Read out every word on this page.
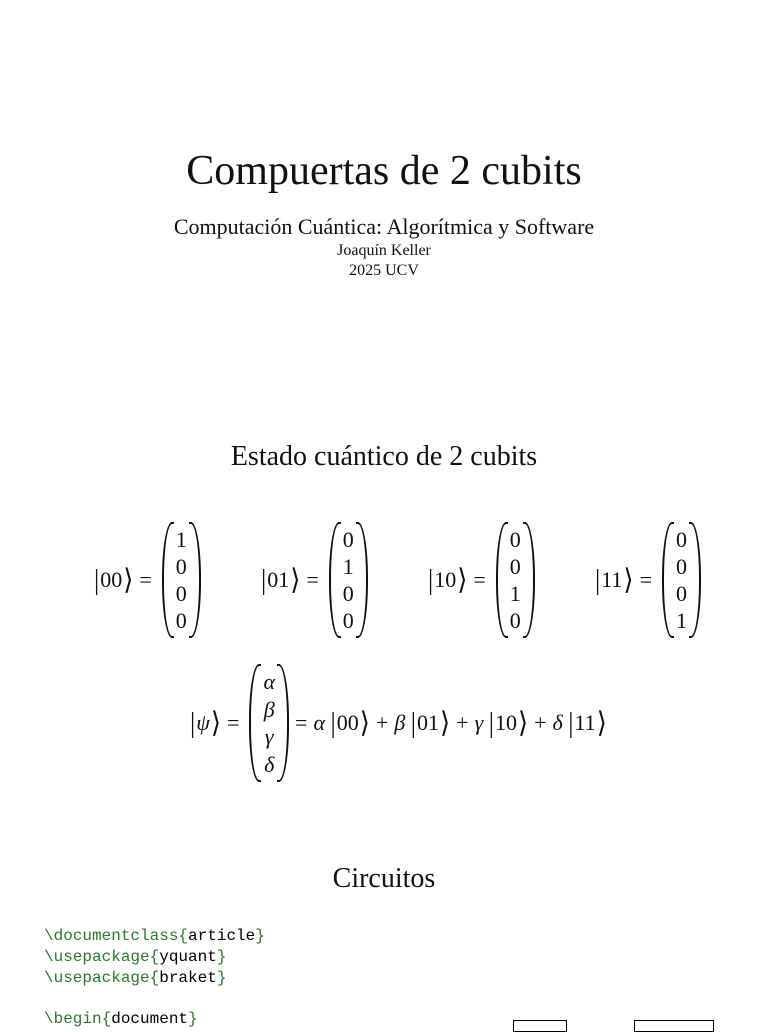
Compuertas de 2 cubits
Computación Cuántica: Algorítmica y Software
Joaquín Keller
2025 UCV
Estado cuántico de 2 cubits
| 00 ⟩ =
1
0
0
0
| 01 ⟩ =
0
1
0
0
| 10 ⟩ =
0
0
1
0
| 11 ⟩ =
0
0
0
1
| ψ ⟩ =
α
β
γ
δ
= α
| 00 ⟩ + β
| 01 ⟩ + γ
| 10 ⟩ + δ
| 11 ⟩
Circuitos
\documentclass{article}
\usepackage{yquant}
\usepackage{braket}

\begin{document}
